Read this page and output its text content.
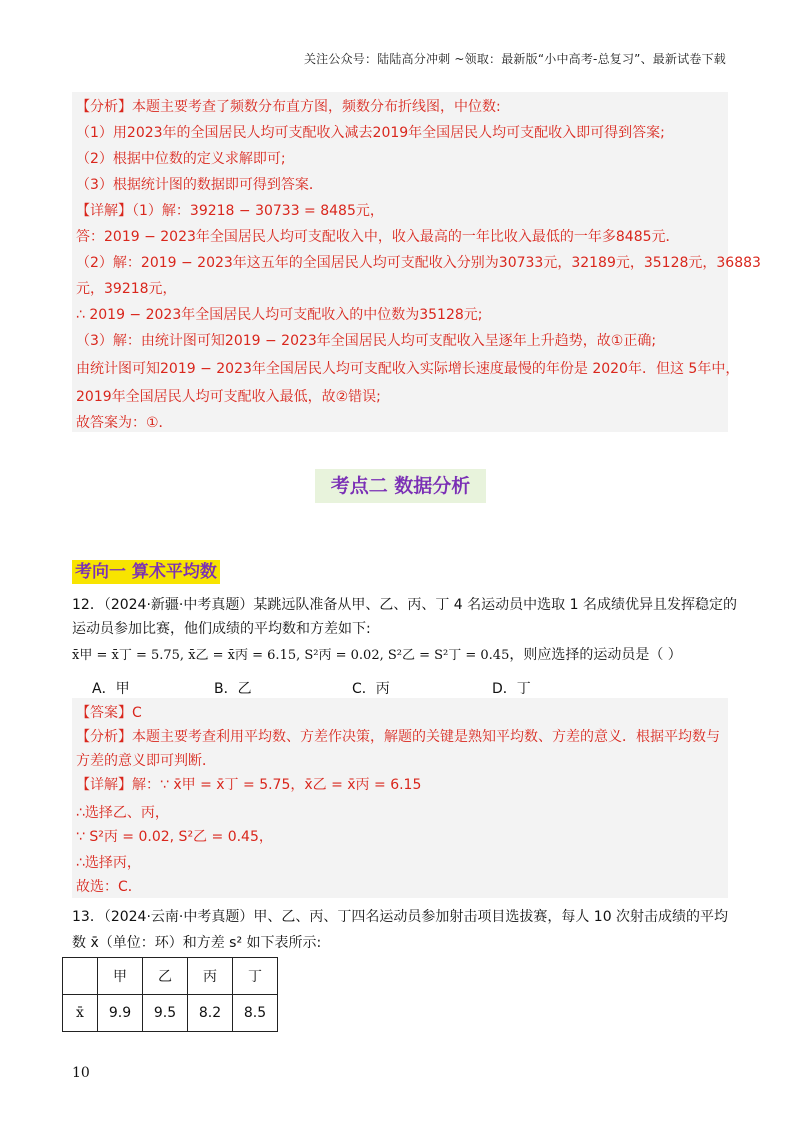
关注公众号：陆陆高分冲刺 ~领取：最新版“小中高考-总复习”、最新试卷下载
【分析】本题主要考查了频数分布直方图，频数分布折线图，中位数:
（1）用2023年的全国居民人均可支配收入减去2019年全国居民人均可支配收入即可得到答案;
（2）根据中位数的定义求解即可;
（3）根据统计图的数据即可得到答案．
【详解】（1）解：39218 − 30733 = 8485元，
答：2019 − 2023年全国居民人均可支配收入中，收入最高的一年比收入最低的一年多8485元．
（2）解：2019 − 2023年这五年的全国居民人均可支配收入分别为30733元，32189元，35128元，36883
元，39218元，
∴ 2019 − 2023年全国居民人均可支配收入的中位数为35128元;
（3）解：由统计图可知2019 − 2023年全国居民人均可支配收入呈逐年上升趋势，故①正确;
由统计图可知2019 − 2023年全国居民人均可支配收入实际增长速度最慢的年份是 2020年．但这 5年中，
2019年全国居民人均可支配收入最低，故②错误;
故答案为：①．
考点二 数据分析
考向一 算术平均数
12．（2024·新疆·中考真题）某跳远队准备从甲、乙、丙、丁 4 名运动员中选取 1 名成绩优异且发挥稳定的
运动员参加比赛，他们成绩的平均数和方差如下:
x̄甲 = x̄丁 = 5.75, x̄乙 = x̄丙 = 6.15, S²丙 = 0.02, S²乙 = S²丁 = 0.45，则应选择的运动员是（ ）
A．甲	B．乙	C．丙	D．丁
【答案】C
【分析】本题主要考查利用平均数、方差作决策，解题的关键是熟知平均数、方差的意义．根据平均数与
方差的意义即可判断．
【详解】解：∵ x̄甲 = x̄丁 = 5.75，x̄乙 = x̄丙 = 6.15
∴选择乙、丙，
∵ S²丙 = 0.02, S²乙 = 0.45，
∴选择丙，
故选：C．
13．（2024·云南·中考真题）甲、乙、丙、丁四名运动员参加射击项目选拔赛，每人 10 次射击成绩的平均
数 x̄（单位：环）和方差 s² 如下表所示:
	甲	乙	丙	丁
x̄	9.9	9.5	8.2	8.5
10
